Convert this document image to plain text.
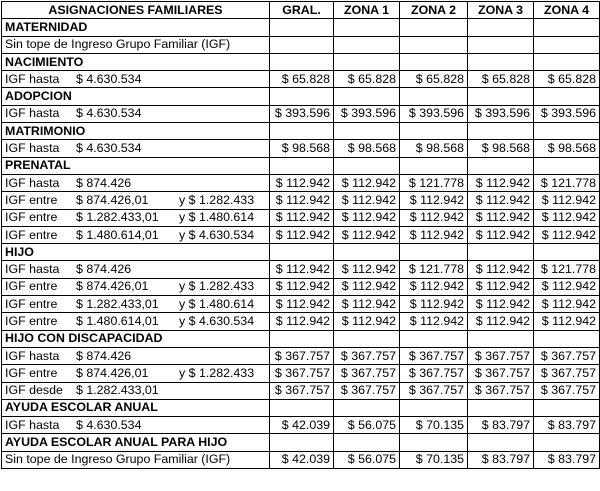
ASIGNACIONES FAMILIARES	GRAL.	ZONA 1	ZONA 2	ZONA 3	ZONA 4
MATERNIDAD					
Sin tope de Ingreso Grupo Familiar (IGF)					
NACIMIENTO					

IGF hasta $ 4.630.534	$ 65.828	$ 65.828	$ 65.828	$ 65.828	$ 65.828
ADOPCION					

IGF hasta $ 4.630.534	$ 393.596	$ 393.596	$ 393.596	$ 393.596	$ 393.596
MATRIMONIO					

IGF hasta $ 4.630.534	$ 98.568	$ 98.568	$ 98.568	$ 98.568	$ 98.568
PRENATAL					

IGF hasta $ 874.426	$ 112.942	$ 112.942	$ 121.778	$ 112.942	$ 121.778

IGF entre $ 874.426,01 y $ 1.282.433	$ 112.942	$ 112.942	$ 112.942	$ 112.942	$ 112.942

IGF entre $ 1.282.433,01 y $ 1.480.614	$ 112.942	$ 112.942	$ 112.942	$ 112.942	$ 112.942

IGF entre $ 1.480.614,01 y $ 4.630.534	$ 112.942	$ 112.942	$ 112.942	$ 112.942	$ 112.942
HIJO					

IGF hasta $ 874.426	$ 112.942	$ 112.942	$ 121.778	$ 112.942	$ 121.778

IGF entre $ 874.426,01 y $ 1.282.433	$ 112.942	$ 112.942	$ 112.942	$ 112.942	$ 112.942

IGF entre $ 1.282.433,01 y $ 1.480.614	$ 112.942	$ 112.942	$ 112.942	$ 112.942	$ 112.942

IGF entre $ 1.480.614,01 y $ 4.630.534	$ 112.942	$ 112.942	$ 112.942	$ 112.942	$ 112.942
HIJO CON DISCAPACIDAD					

IGF hasta $ 874.426	$ 367.757	$ 367.757	$ 367.757	$ 367.757	$ 367.757

IGF entre $ 874.426,01 y $ 1.282.433	$ 367.757	$ 367.757	$ 367.757	$ 367.757	$ 367.757

IGF desde $ 1.282.433,01	$ 367.757	$ 367.757	$ 367.757	$ 367.757	$ 367.757
AYUDA ESCOLAR ANUAL					

IGF hasta $ 4.630.534	$ 42.039	$ 56.075	$ 70.135	$ 83.797	$ 83.797
AYUDA ESCOLAR ANUAL PARA HIJO					

Sin tope de Ingreso Grupo Familiar (IGF)	$ 42.039	$ 56.075	$ 70.135	$ 83.797	$ 83.797
